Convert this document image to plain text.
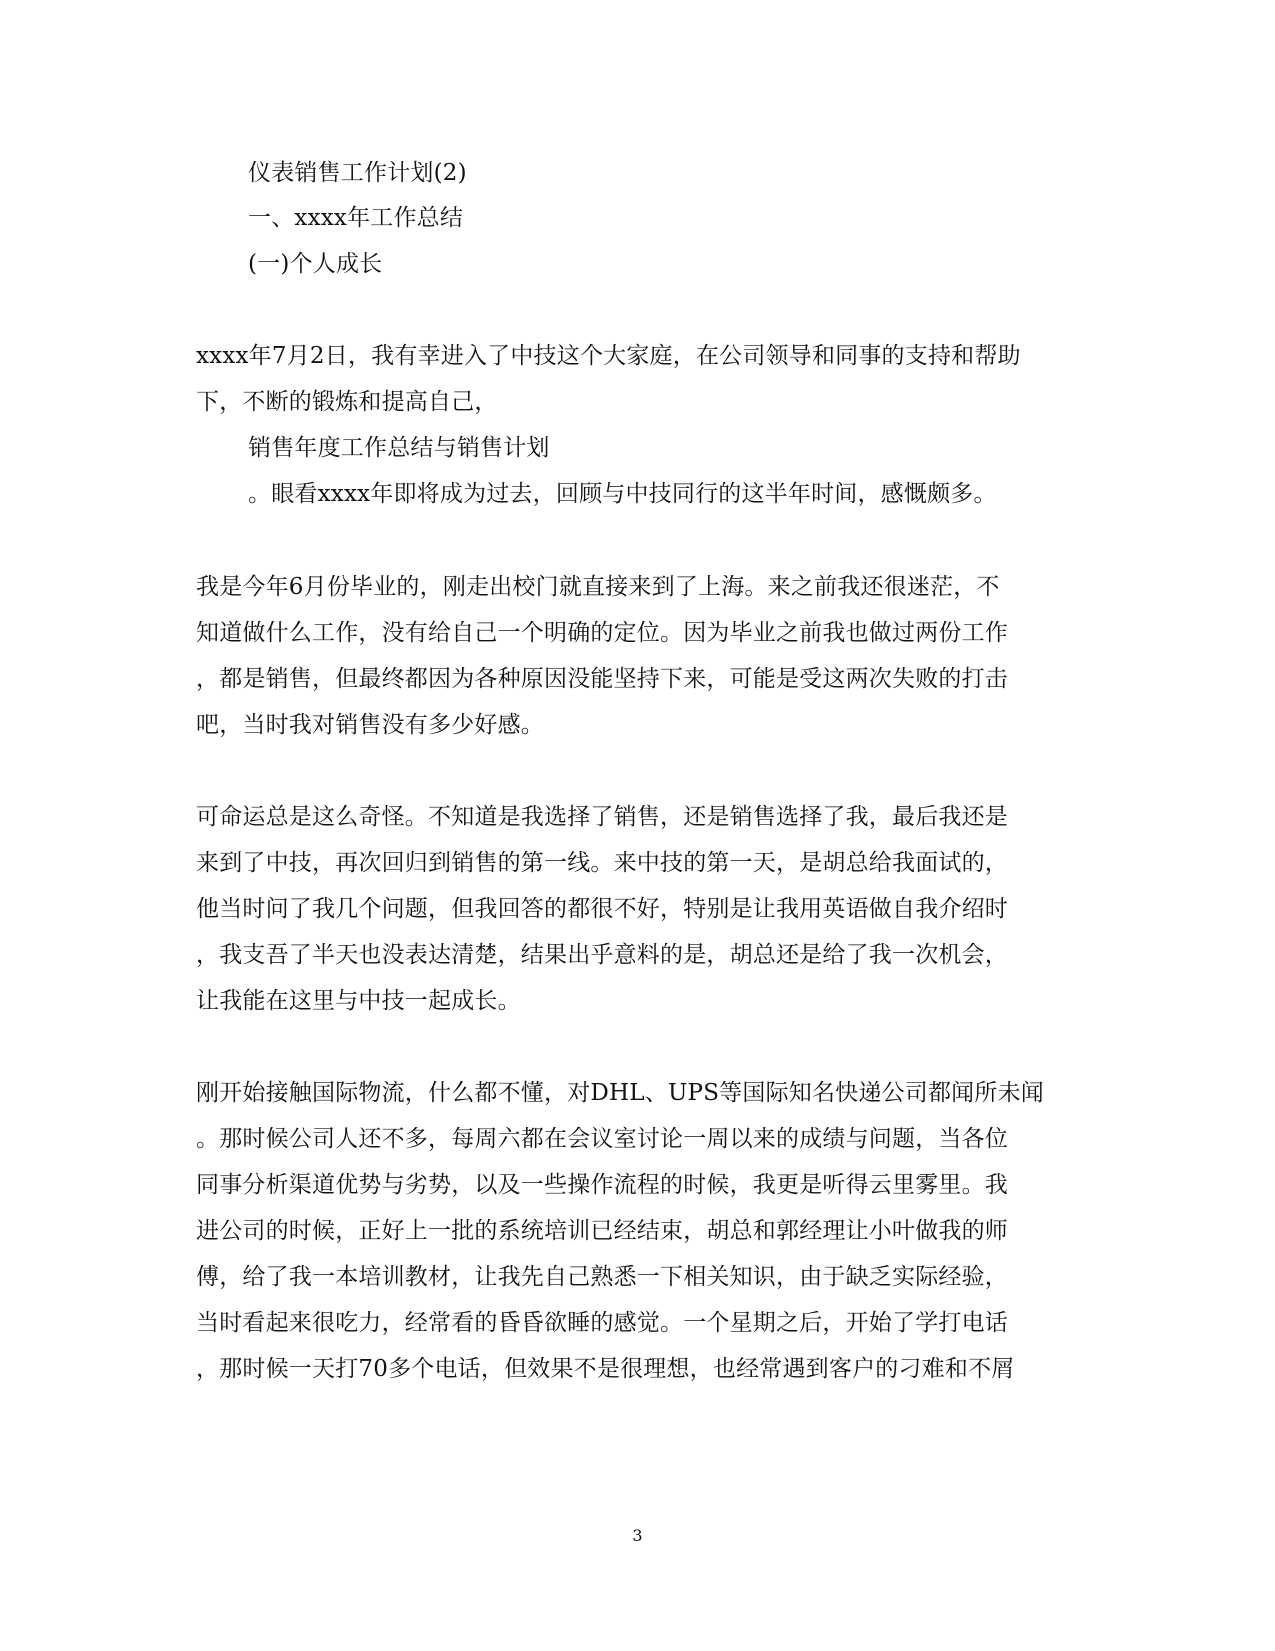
仪表销售工作计划(2)
一、xxxx年工作总结
(一)个人成长
xxxx年7月2日，我有幸进入了中技这个大家庭，在公司领导和同事的支持和帮助
下，不断的锻炼和提高自己，
销售年度工作总结与销售计划
。眼看xxxx年即将成为过去，回顾与中技同行的这半年时间，感慨颇多。
我是今年6月份毕业的，刚走出校门就直接来到了上海。来之前我还很迷茫，不
知道做什么工作，没有给自己一个明确的定位。因为毕业之前我也做过两份工作
，都是销售，但最终都因为各种原因没能坚持下来，可能是受这两次失败的打击
吧，当时我对销售没有多少好感。
可命运总是这么奇怪。不知道是我选择了销售，还是销售选择了我，最后我还是
来到了中技，再次回归到销售的第一线。来中技的第一天，是胡总给我面试的，
他当时问了我几个问题，但我回答的都很不好，特别是让我用英语做自我介绍时
，我支吾了半天也没表达清楚，结果出乎意料的是，胡总还是给了我一次机会，
让我能在这里与中技一起成长。
刚开始接触国际物流，什么都不懂，对DHL、UPS等国际知名快递公司都闻所未闻
。那时候公司人还不多，每周六都在会议室讨论一周以来的成绩与问题，当各位
同事分析渠道优势与劣势，以及一些操作流程的时候，我更是听得云里雾里。我
进公司的时候，正好上一批的系统培训已经结束，胡总和郭经理让小叶做我的师
傅，给了我一本培训教材，让我先自己熟悉一下相关知识，由于缺乏实际经验，
当时看起来很吃力，经常看的昏昏欲睡的感觉。一个星期之后，开始了学打电话
，那时候一天打70多个电话，但效果不是很理想，也经常遇到客户的刁难和不屑
3
